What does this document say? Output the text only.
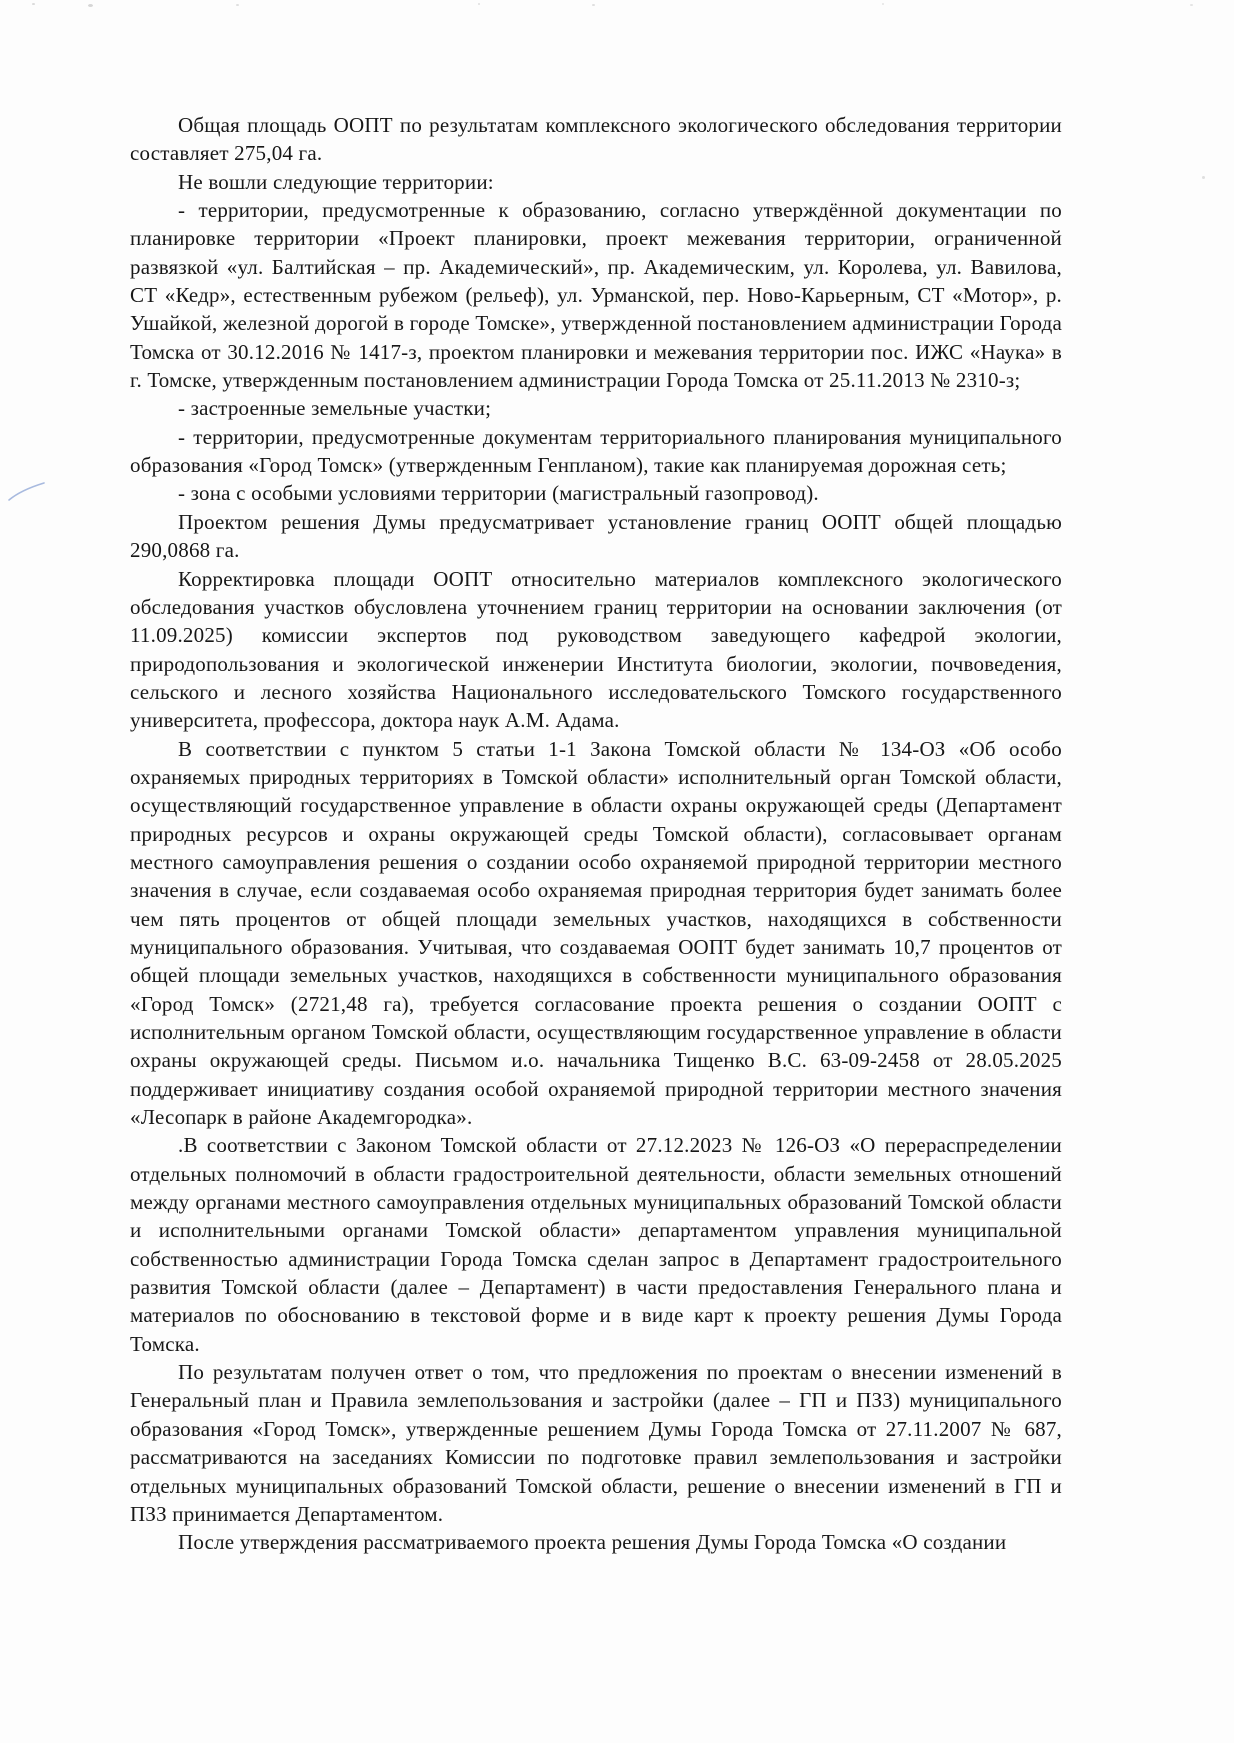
Общая площадь ООПТ по результатам комплексного экологического обследования территории составляет 275,04 га.

Не вошли следующие территории:

- территории, предусмотренные к образованию, согласно утверждённой документации по планировке территории «Проект планировки, проект межевания территории, ограниченной развязкой «ул. Балтийская – пр. Академический», пр. Академическим, ул. Королева, ул. Вавилова, СТ «Кедр», естественным рубежом (рельеф), ул. Урманской, пер. Ново-Карьерным, СТ «Мотор», р. Ушайкой, железной дорогой в городе Томске», утвержденной постановлением администрации Города Томска от 30.12.2016 № 1417-з, проектом планировки и межевания территории пос. ИЖС «Наука» в г. Томске, утвержденным постановлением администрации Города Томска от 25.11.2013 № 2310-з;

- застроенные земельные участки;

- территории, предусмотренные документам территориального планирования муниципального образования «Город Томск» (утвержденным Генпланом), такие как планируемая дорожная сеть;

- зона с особыми условиями территории (магистральный газопровод).

Проектом решения Думы предусматривает установление границ ООПТ общей площадью 290,0868 га.

Корректировка площади ООПТ относительно материалов комплексного экологического обследования участков обусловлена уточнением границ территории на основании заключения (от 11.09.2025) комиссии экспертов под руководством заведующего кафедрой экологии, природопользования и экологической инженерии Института биологии, экологии, почвоведения, сельского и лесного хозяйства Национального исследовательского Томского государственного университета, профессора, доктора наук А.М. Адама.

В соответствии с пунктом 5 статьи 1-1 Закона Томской области № 134-ОЗ «Об особо охраняемых природных территориях в Томской области» исполнительный орган Томской области, осуществляющий государственное управление в области охраны окружающей среды (Департамент природных ресурсов и охраны окружающей среды Томской области), согласовывает органам местного самоуправления решения о создании особо охраняемой природной территории местного значения в случае, если создаваемая особо охраняемая природная территория будет занимать более чем пять процентов от общей площади земельных участков, находящихся в собственности муниципального образования. Учитывая, что создаваемая ООПТ будет занимать 10,7 процентов от общей площади земельных участков, находящихся в собственности муниципального образования «Город Томск» (2721,48 га), требуется согласование проекта решения о создании ООПТ с исполнительным органом Томской области, осуществляющим государственное управление в области охраны окружающей среды. Письмом и.о. начальника Тищенко В.С. 63-09-2458 от 28.05.2025 поддерживает инициативу создания особой охраняемой природной территории местного значения «Лесопарк в районе Академгородка».

.В соответствии с Законом Томской области от 27.12.2023 № 126-ОЗ «О перераспределении отдельных полномочий в области градостроительной деятельности, области земельных отношений между органами местного самоуправления отдельных муниципальных образований Томской области и исполнительными органами Томской области» департаментом управления муниципальной собственностью администрации Города Томска сделан запрос в Департамент градостроительного развития Томской области (далее – Департамент) в части предоставления Генерального плана и материалов по обоснованию в текстовой форме и в виде карт к проекту решения Думы Города Томска.

По результатам получен ответ о том, что предложения по проектам о внесении изменений в Генеральный план и Правила землепользования и застройки (далее – ГП и ПЗЗ) муниципального образования «Город Томск», утвержденные решением Думы Города Томска от 27.11.2007 № 687, рассматриваются на заседаниях Комиссии по подготовке правил землепользования и застройки отдельных муниципальных образований Томской области, решение о внесении изменений в ГП и ПЗЗ принимается Департаментом.

После утверждения рассматриваемого проекта решения Думы Города Томска «О создании
